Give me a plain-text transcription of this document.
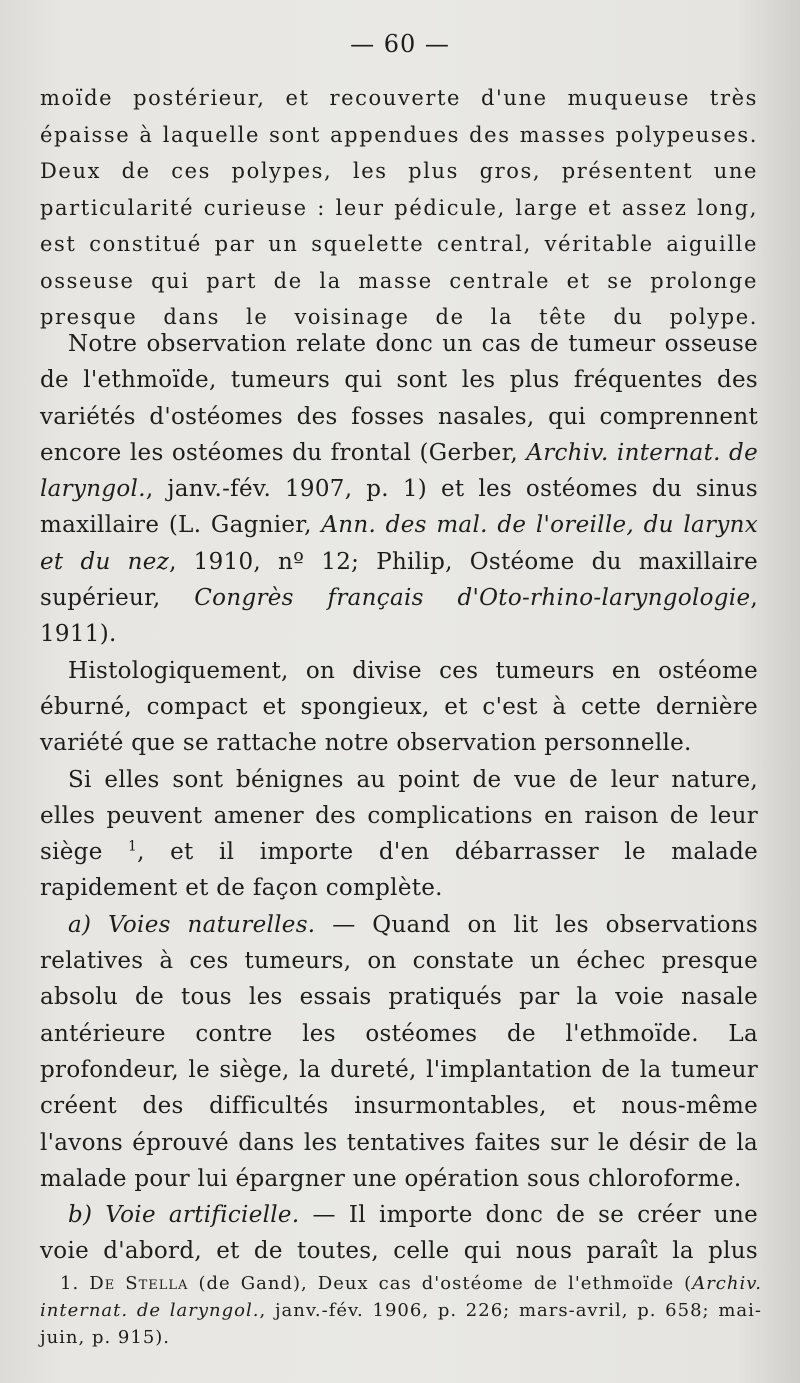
— 60 —

moïde postérieur, et recouverte d'une muqueuse très épaisse à laquelle sont appendues des masses polypeuses. Deux de ces polypes, les plus gros, présentent une particularité curieuse : leur pédicule, large et assez long, est constitué par un squelette central, véritable aiguille osseuse qui part de la masse centrale et se prolonge presque dans le voisinage de la tête du polype.

Notre observation relate donc un cas de tumeur osseuse de l'ethmoïde, tumeurs qui sont les plus fréquentes des variétés d'ostéomes des fosses nasales, qui comprennent encore les ostéomes du frontal (Gerber, Archiv. internat. de laryngol., janv.-fév. 1907, p. 1) et les ostéomes du sinus maxillaire (L. Gagnier, Ann. des mal. de l'oreille, du larynx et du nez, 1910, nº 12; Philip, Ostéome du maxillaire supérieur, Congrès français d'Oto-rhino-laryngologie, 1911).

Histologiquement, on divise ces tumeurs en ostéome éburné, compact et spongieux, et c'est à cette dernière variété que se rattache notre observation personnelle.

Si elles sont bénignes au point de vue de leur nature, elles peuvent amener des complications en raison de leur siège $^1$, et il importe d'en débarrasser le malade rapidement et de façon complète.

a) Voies naturelles. — Quand on lit les observations relatives à ces tumeurs, on constate un échec presque absolu de tous les essais pratiqués par la voie nasale antérieure contre les ostéomes de l'ethmoïde. La profondeur, le siège, la dureté, l'implantation de la tumeur créent des difficultés insurmontables, et nous-même l'avons éprouvé dans les tentatives faites sur le désir de la malade pour lui épargner une opération sous chloroforme.

b) Voie artificielle. — Il importe donc de se créer une voie d'abord, et de toutes, celle qui nous paraît la plus

1. De Stella (de Gand), Deux cas d'ostéome de l'ethmoïde (Archiv. internat. de laryngol., janv.-fév. 1906, p. 226; mars-avril, p. 658; mai-juin, p. 915).
